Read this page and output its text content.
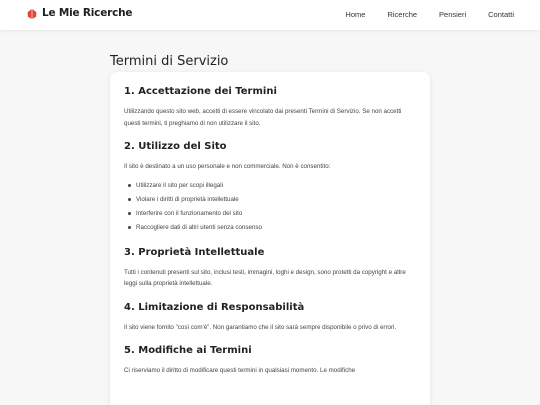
Le Mie Ricerche	Home	Ricerche	Pensieri	Contatti
Termini di Servizio
1. Accettazione dei Termini

Utilizzando questo sito web, accetti di essere vincolato dai presenti Termini di Servizio. Se non accetti questi termini, ti preghiamo di non utilizzare il sito.

2. Utilizzo del Sito

Il sito è destinato a un uso personale e non commerciale. Non è consentito:

Utilizzare il sito per scopi illegali
Violare i diritti di proprietà intellettuale
Interferire con il funzionamento del sito
Raccogliere dati di altri utenti senza consenso
3. Proprietà Intellettuale

Tutti i contenuti presenti sul sito, inclusi testi, immagini, loghi e design, sono protetti da copyright e altre leggi sulla proprietà intellettuale.

4. Limitazione di Responsabilità

Il sito viene fornito "così com'è". Non garantiamo che il sito sarà sempre disponibile o privo di errori.

5. Modifiche ai Termini

Ci riserviamo il diritto di modificare questi termini in qualsiasi momento. Le modifiche
